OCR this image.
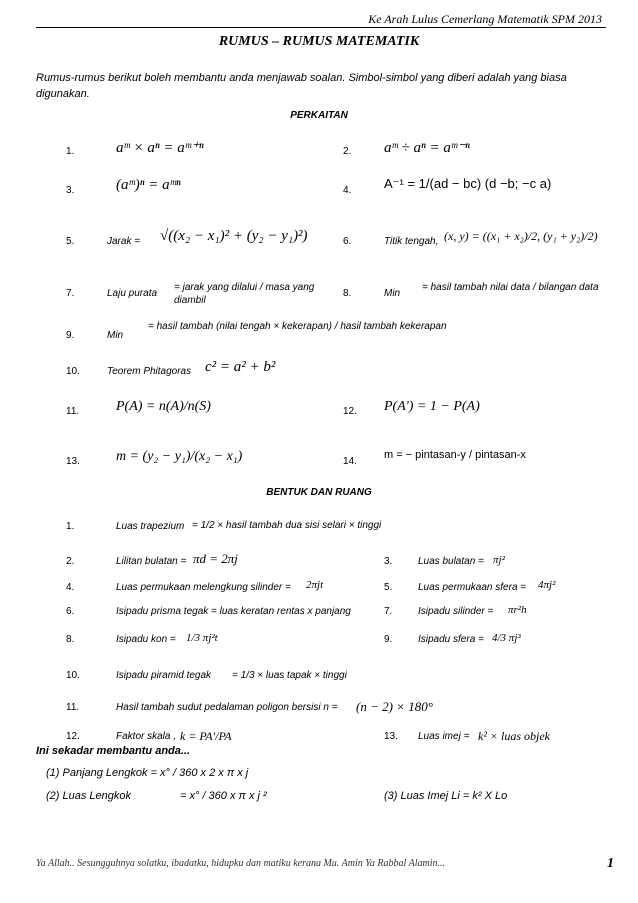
Ke Arah Lulus Cemerlang Matematik SPM 2013
RUMUS – RUMUS MATEMATIK
Rumus-rumus berikut boleh membantu anda menjawab soalan. Simbol-simbol yang diberi adalah yang biasa digunakan.
PERKAITAN
1.	aᵐ × aⁿ = aᵐ⁺ⁿ	2. aᵐ ÷ aⁿ = aᵐ⁻ⁿ
3.	(aᵐ)ⁿ = aᵐⁿ	4.	A⁻¹ = 1/(ad − bc) (d −b; −c a)
5.	Jarak = √((x₂ − x₁)² + (y₂ − y₁)²)	6.	Titik tengah, (x, y) = ((x₁ + x₂)/2, (y₁ + y₂)/2)
7.	Laju purata
= jarak yang dilalui / masa yang diambil
8.	Min
= hasil tambah nilai data / bilangan data
9.	Min
= hasil tambah (nilai tengah × kekerapan) / hasil tambah kekerapan
10.	Teorem Phitagoras c² = a² + b²
11.	P(A) = n(A)/n(S)	12. P(A') = 1 − P(A)
13.	m = (y₂ − y₁)/(x₂ − x₁)	14.
m = − pintasan-y / pintasan-x
BENTUK DAN RUANG
1.	Luas trapezium = 1/2 × hasil tambah dua sisi selari × tinggi
2.	Lilitan bulatan = πd = 2πj	3.	Luas bulatan = πj²
4.	Luas permukaan melengkung silinder = 2πjt	5.	Luas permukaan sfera = 4πj²
6.	Isipadu prisma tegak = luas keratan rentas x panjang	7.	Isipadu silinder = πr²h
8.	Isipadu kon = 1/3 πj²t	9.	Isipadu sfera = 4/3 πj³
10.	Isipadu piramid tegak = 1/3 × luas tapak × tinggi
11.	Hasil tambah sudut pedalaman poligon bersisi n = (n − 2) × 180°
12.	Faktor skala , k = PA'/PA	13. Luas imej = k² × luas objek
Ini sekadar membantu anda...
(1) Panjang Lengkok = x° / 360 x 2 x π x j
(2) Luas Lengkok	= x° / 360 x π x j ²	(3) Luas Imej Li = k² X Lo
Ya Allah.. Sesungguhnya solatku, ibadatku, hidupku dan matiku kerana Mu. Amin Ya Rabbal Alamin...	1
